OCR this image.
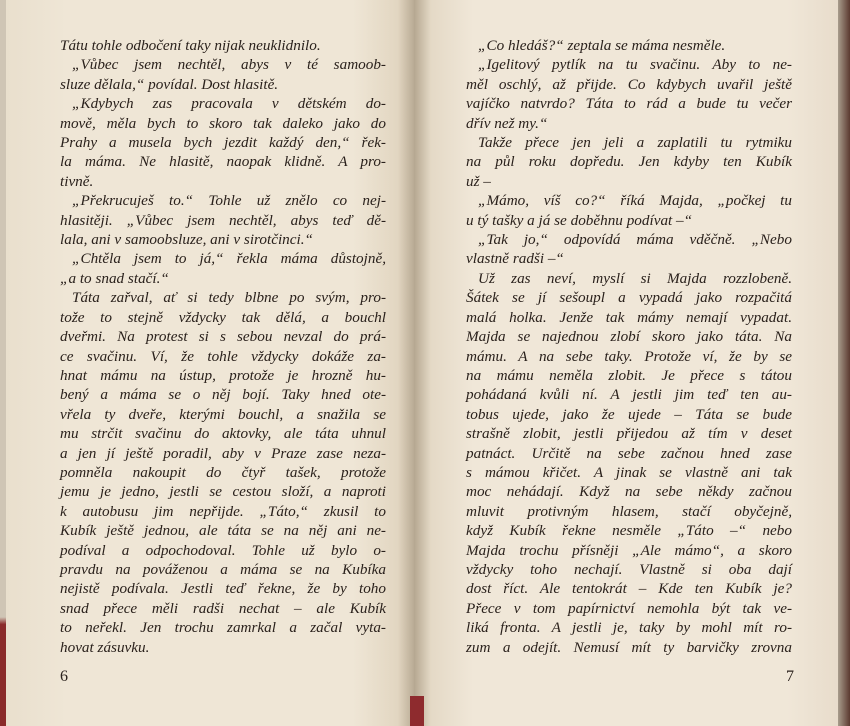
Tátu tohle odbočení taky nijak neuklidnilo.
„Vůbec jsem nechtěl, abys v té samoob-
sluze dělala,“ povídal. Dost hlasitě.
„Kdybych zas pracovala v dětském do-
mově, měla bych to skoro tak daleko jako do
Prahy a musela bych jezdit každý den,“ řek-
la máma. Ne hlasitě, naopak klidně. A pro-
tivně.
„Překrucuješ to.“ Tohle už znělo co nej-
hlasitěji. „Vůbec jsem nechtěl, abys teď dě-
lala, ani v samoobsluze, ani v sirotčinci.“
„Chtěla jsem to já,“ řekla máma důstojně,
„a to snad stačí.“
Táta zařval, ať si tedy blbne po svým, pro-
tože to stejně vždycky tak dělá, a bouchl
dveřmi. Na protest si s sebou nevzal do prá-
ce svačinu. Ví, že tohle vždycky dokáže za-
hnat mámu na ústup, protože je hrozně hu-
bený a máma se o něj bojí. Taky hned ote-
vřela ty dveře, kterými bouchl, a snažila se
mu strčit svačinu do aktovky, ale táta uhnul
a jen jí ještě poradil, aby v Praze zase neza-
pomněla nakoupit do čtyř tašek, protože
jemu je jedno, jestli se cestou složí, a naproti
k autobusu jim nepřijde. „Táto,“ zkusil to
Kubík ještě jednou, ale táta se na něj ani ne-
podíval a odpochodoval. Tohle už bylo o-
pravdu na pováženou a máma se na Kubíka
nejistě podívala. Jestli teď řekne, že by toho
snad přece měli radši nechat – ale Kubík
to neřekl. Jen trochu zamrkal a začal vyta-
hovat zásuvku.
6
„Co hledáš?“ zeptala se máma nesměle.
„Igelitový pytlík na tu svačinu. Aby to ne-
měl oschlý, až přijde. Co kdybych uvařil ještě
vajíčko natvrdo? Táta to rád a bude tu večer
dřív než my.“
Takže přece jen jeli a zaplatili tu rytmiku
na půl roku dopředu. Jen kdyby ten Kubík
už –
„Mámo, víš co?“ říká Majda, „počkej tu
u tý tašky a já se doběhnu podívat –“
„Tak jo,“ odpovídá máma vděčně. „Nebo
vlastně radši –“
Už zas neví, myslí si Majda rozzlobeně.
Šátek se jí sešoupl a vypadá jako rozpačitá
malá holka. Jenže tak mámy nemají vypadat.
Majda se najednou zlobí skoro jako táta. Na
mámu. A na sebe taky. Protože ví, že by se
na mámu neměla zlobit. Je přece s tátou
pohádaná kvůli ní. A jestli jim teď ten au-
tobus ujede, jako že ujede – Táta se bude
strašně zlobit, jestli přijedou až tím v deset
patnáct. Určitě na sebe začnou hned zase
s mámou křičet. A jinak se vlastně ani tak
moc nehádají. Když na sebe někdy začnou
mluvit protivným hlasem, stačí obyčejně,
když Kubík řekne nesměle „Táto –“ nebo
Majda trochu přísněji „Ale mámo“, a skoro
vždycky toho nechají. Vlastně si oba dají
dost říct. Ale tentokrát – Kde ten Kubík je?
Přece v tom papírnictví nemohla být tak ve-
liká fronta. A jestli je, taky by mohl mít ro-
zum a odejít. Nemusí mít ty barvičky zrovna
7
